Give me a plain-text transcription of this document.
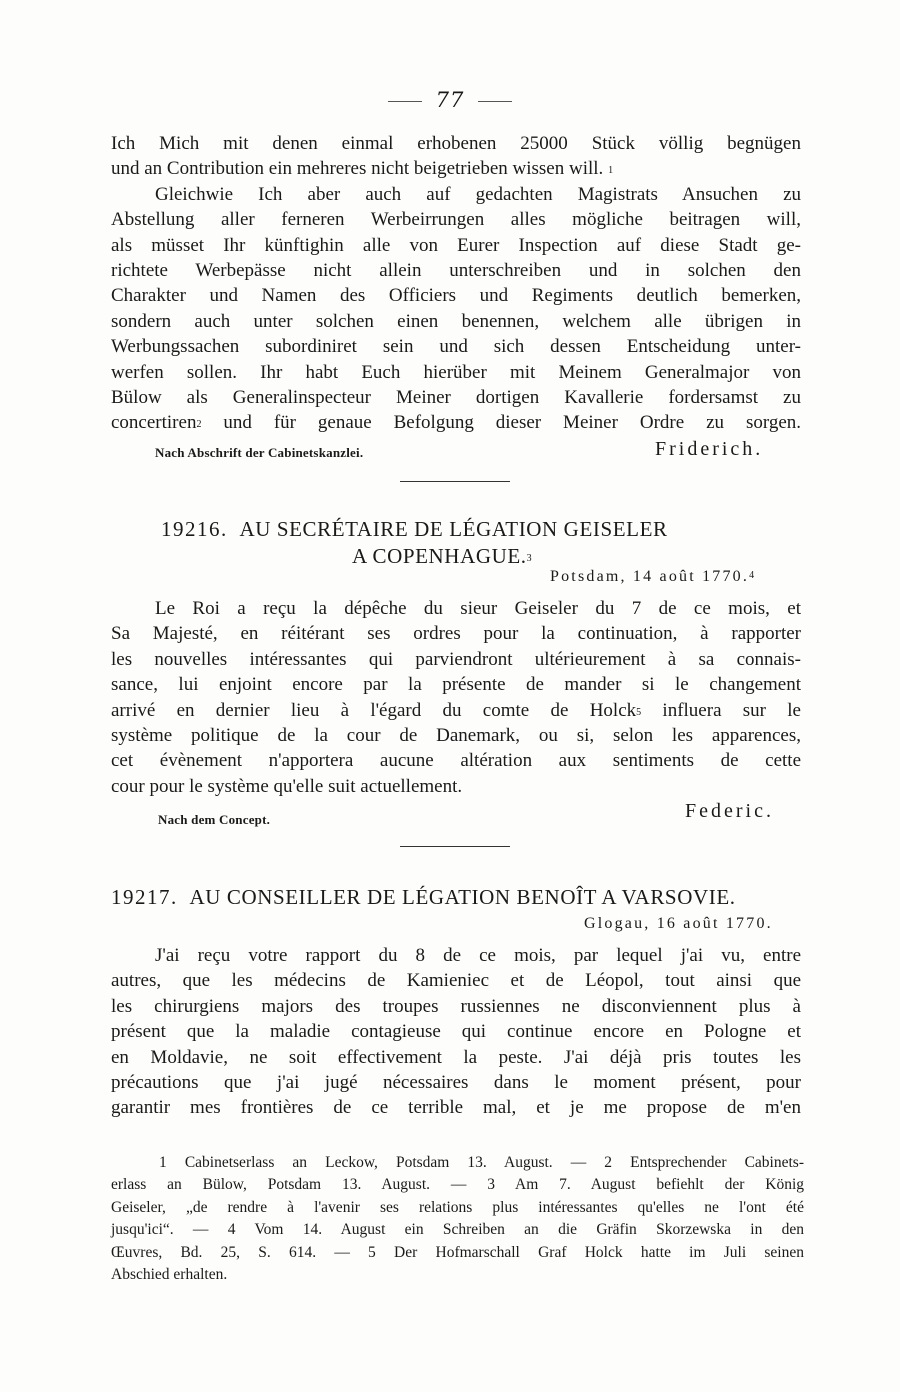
77
Ich Mich mit denen einmal erhobenen 25000 Stück völlig begnügen
und an Contribution ein mehreres nicht beigetrieben wissen will. $^1$
Gleichwie Ich aber auch auf gedachten Magistrats Ansuchen zu
Abstellung aller ferneren Werbeirrungen alles mögliche beitragen will,
als müsset Ihr künftighin alle von Eurer Inspection auf diese Stadt ge-
richtete Werbepässe nicht allein unterschreiben und in solchen den
Charakter und Namen des Officiers und Regiments deutlich bemerken,
sondern auch unter solchen einen benennen, welchem alle übrigen in
Werbungssachen subordiniret sein und sich dessen Entscheidung unter-
werfen sollen. Ihr habt Euch hierüber mit Meinem Generalmajor von
Bülow als Generalinspecteur Meiner dortigen Kavallerie fordersamst zu
concertiren$^2$ und für genaue Befolgung dieser Meiner Ordre zu sorgen.
Nach Abschrift der Cabinetskanzlei.	Friderich.
19216. AU SECRÉTAIRE DE LÉGATION GEISELER
A COPENHAGUE.$^3$
Potsdam, 14 août 1770.$^4$
Le Roi a reçu la dépêche du sieur Geiseler du 7 de ce mois, et
Sa Majesté, en réitérant ses ordres pour la continuation, à rapporter
les nouvelles intéressantes qui parviendront ultérieurement à sa connais-
sance, lui enjoint encore par la présente de mander si le changement
arrivé en dernier lieu à l'égard du comte de Holck$^5$ influera sur le
système politique de la cour de Danemark, ou si, selon les apparences,
cet évènement n'apportera aucune altération aux sentiments de cette
cour pour le système qu'elle suit actuellement.
Nach dem Concept.	Federic.
19217. AU CONSEILLER DE LÉGATION BENOÎT A VARSOVIE.
Glogau, 16 août 1770.
J'ai reçu votre rapport du 8 de ce mois, par lequel j'ai vu, entre
autres, que les médecins de Kamieniec et de Léopol, tout ainsi que
les chirurgiens majors des troupes russiennes ne disconviennent plus à
présent que la maladie contagieuse qui continue encore en Pologne et
en Moldavie, ne soit effectivement la peste. J'ai déjà pris toutes les
précautions que j'ai jugé nécessaires dans le moment présent, pour
garantir mes frontières de ce terrible mal, et je me propose de m'en
1 Cabinetserlass an Leckow, Potsdam 13. August. — 2 Entsprechender Cabinets-
erlass an Bülow, Potsdam 13. August. — 3 Am 7. August befiehlt der König
Geiseler, „de rendre à l'avenir ses relations plus intéressantes qu'elles ne l'ont été
jusqu'ici“. — 4 Vom 14. August ein Schreiben an die Gräfin Skorzewska in den
Œuvres, Bd. 25, S. 614. — 5 Der Hofmarschall Graf Holck hatte im Juli seinen
Abschied erhalten.
